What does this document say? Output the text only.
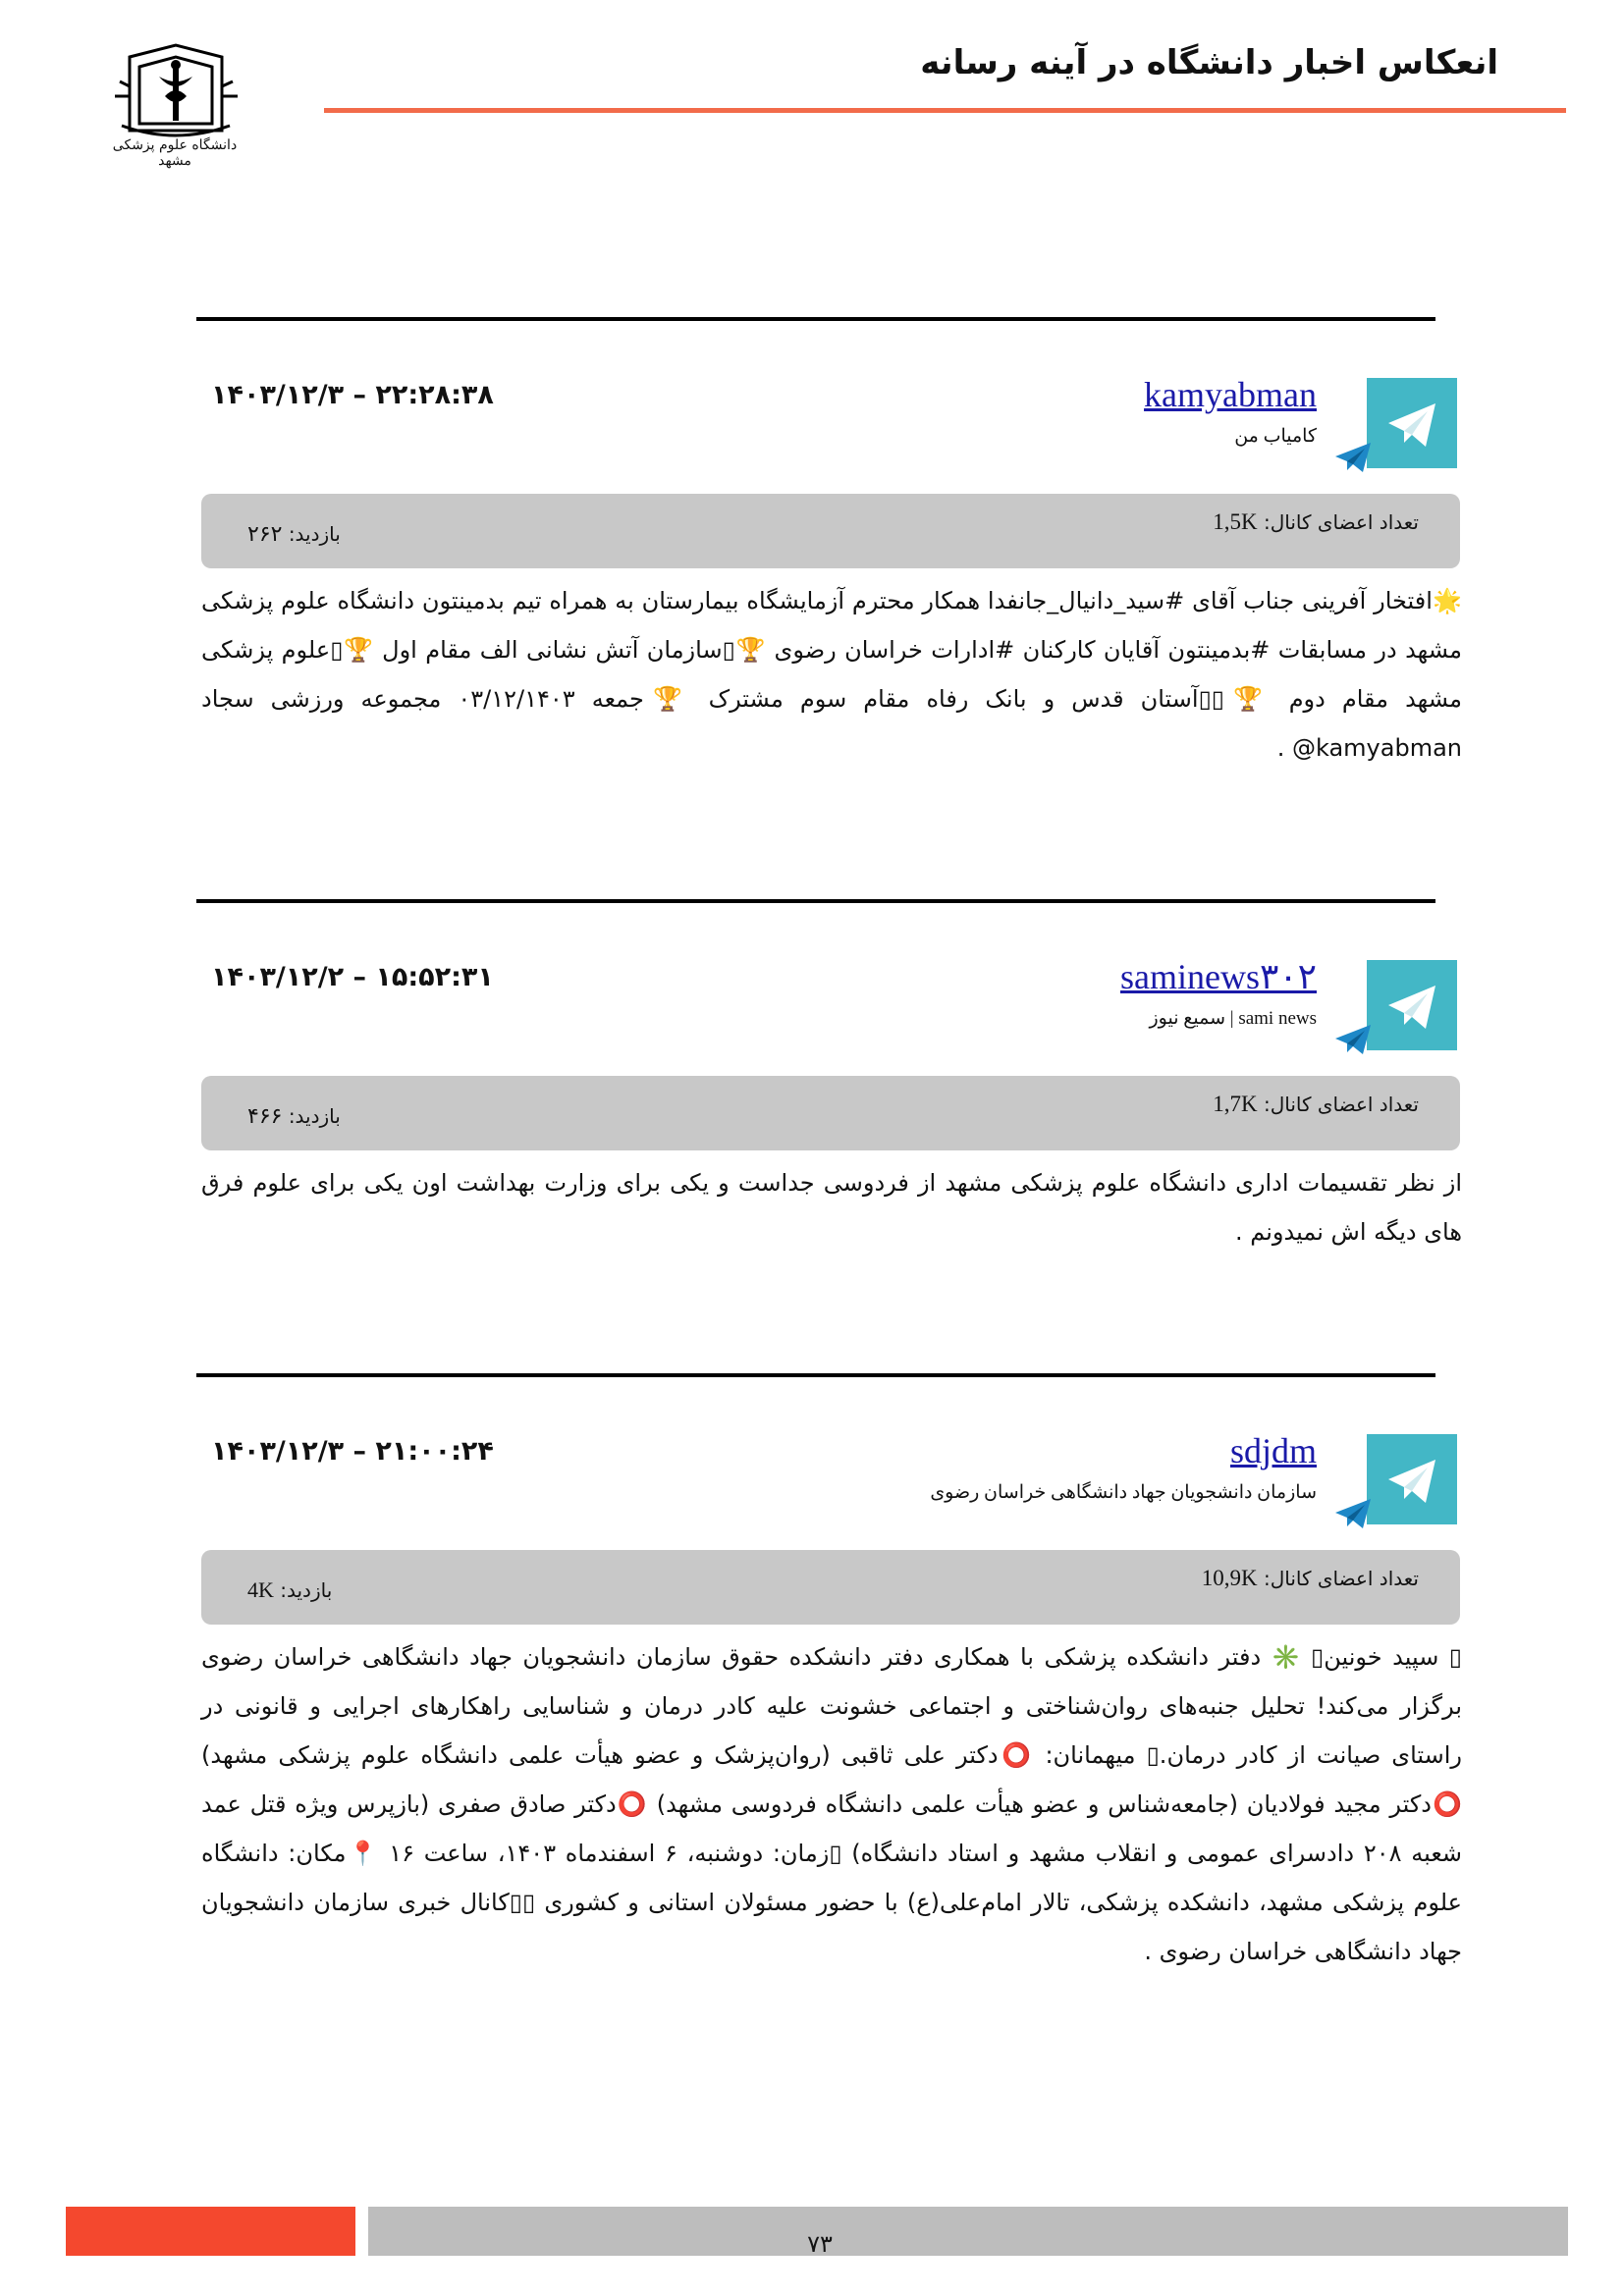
دانشگاه علوم پزشکی مشهد
انعکاس اخبار دانشگاه در آینه رسانه
kamyabman
کامیاب من
۲۲:۲۸:۳۸ – ۱۴۰۳/۱۲/۳
تعداد اعضای کانال: 1,5K
بازدید: ۲۶۲
🌟افتخار آفرینی جناب آقای #سید_دانیال_جانفدا همکار محترم آزمایشگاه بیمارستان به همراه تیم بدمینتون دانشگاه علوم پزشکی مشهد در مسابقات #بدمینتون آقایان کارکنان #ادارات خراسان رضوی 🏆▯سازمان آتش نشانی الف مقام اول 🏆▯علوم پزشکی مشهد مقام دوم 🏆▯▯آستان قدس و بانک رفاه مقام سوم مشترک 🏆جمعه ۰۳/۱۲/۱۴۰۳ مجموعه ورزشی سجاد kamyabman@ .
saminews۳۰۲
sami news | سمیع نیوز
۱۵:۵۲:۳۱ – ۱۴۰۳/۱۲/۲
تعداد اعضای کانال: 1,7K
بازدید: ۴۶۶
از نظر تقسیمات اداری دانشگاه علوم پزشکی مشهد از فردوسی جداست و یکی برای وزارت بهداشت اون یکی برای علوم فرق های دیگه اش نمیدونم .
sdjdm
سازمان دانشجویان جهاد دانشگاهی خراسان رضوی
۲۱:۰۰:۲۴ – ۱۴۰۳/۱۲/۳
تعداد اعضای کانال: 10,9K
بازدید: 4K
▯ سپید خونین▯ ✳️ دفتر دانشکده پزشکی با همکاری دفتر دانشکده حقوق سازمان دانشجویان جهاد دانشگاهی خراسان رضوی برگزار می‌کند! تحلیل جنبه‌های روان‌شناختی و اجتماعی خشونت علیه کادر درمان و شناسایی راهکارهای اجرایی و قانونی در راستای صیانت از کادر درمان.▯ میهمانان: ⭕️دکتر علی ثاقبی (روان‌پزشک و عضو هیأت علمی دانشگاه علوم پزشکی مشهد) ⭕️دکتر مجید فولادیان (جامعه‌شناس و عضو هیأت علمی دانشگاه فردوسی مشهد) ⭕️دکتر صادق صفری (بازپرس ویژه قتل عمد شعبه ۲۰۸ دادسرای عمومی و انقلاب مشهد و استاد دانشگاه) ▯زمان: دوشنبه، ۶ اسفندماه ۱۴۰۳، ساعت ۱۶ 📍مکان: دانشگاه علوم پزشکی مشهد، دانشکده پزشکی، تالار امام‌علی(ع) با حضور مسئولان استانی و کشوری ▯▯کانال خبری سازمان دانشجویان جهاد دانشگاهی خراسان رضوی .
۷۳
